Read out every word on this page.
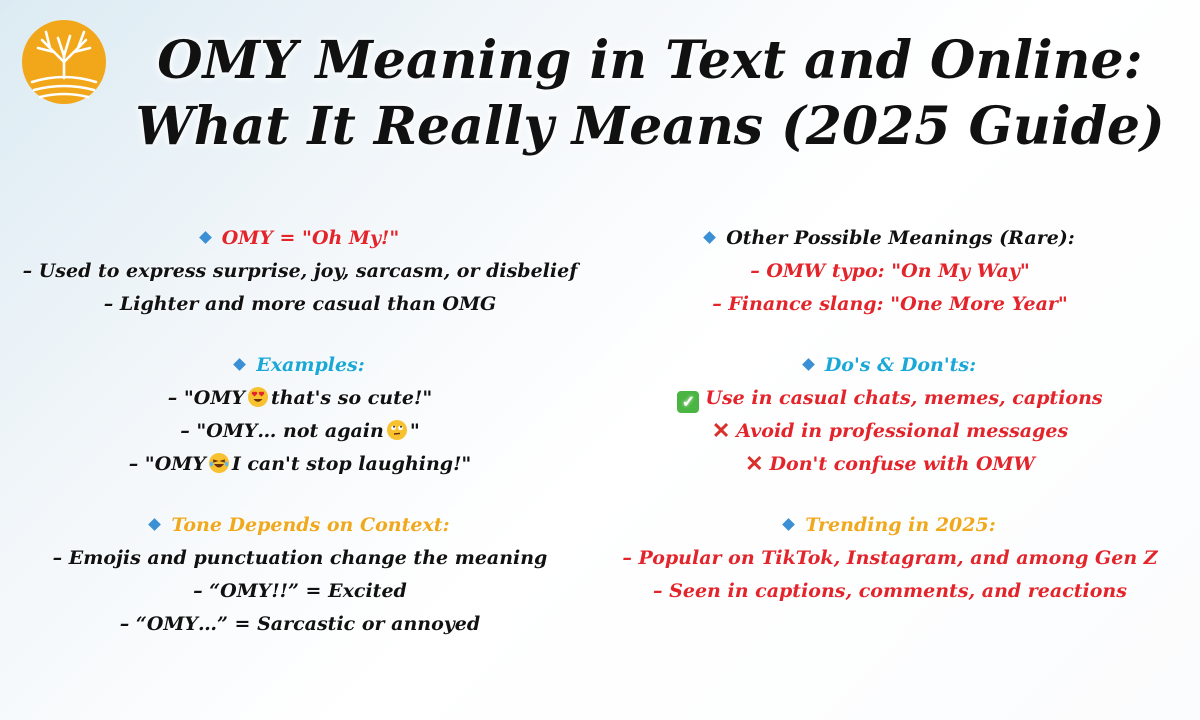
OMY Meaning in Text and Online:
What It Really Means (2025 Guide)
OMY = "Oh My!"
– Used to express surprise, joy, sarcasm, or disbelief
– Lighter and more casual than OMG
Examples:
– "OMY that's so cute!"
– "OMY… not again "
– "OMY I can't stop laughing!"
Tone Depends on Context:
– Emojis and punctuation change the meaning
– “OMY!!” = Excited
– “OMY…” = Sarcastic or annoyed
Other Possible Meanings (Rare):
– OMW typo: "On My Way"
– Finance slang: "One More Year"
Do's & Don'ts:
✓ Use in casual chats, memes, captions
✕ Avoid in professional messages
✕ Don't confuse with OMW
Trending in 2025:
– Popular on TikTok, Instagram, and among Gen Z
– Seen in captions, comments, and reactions
